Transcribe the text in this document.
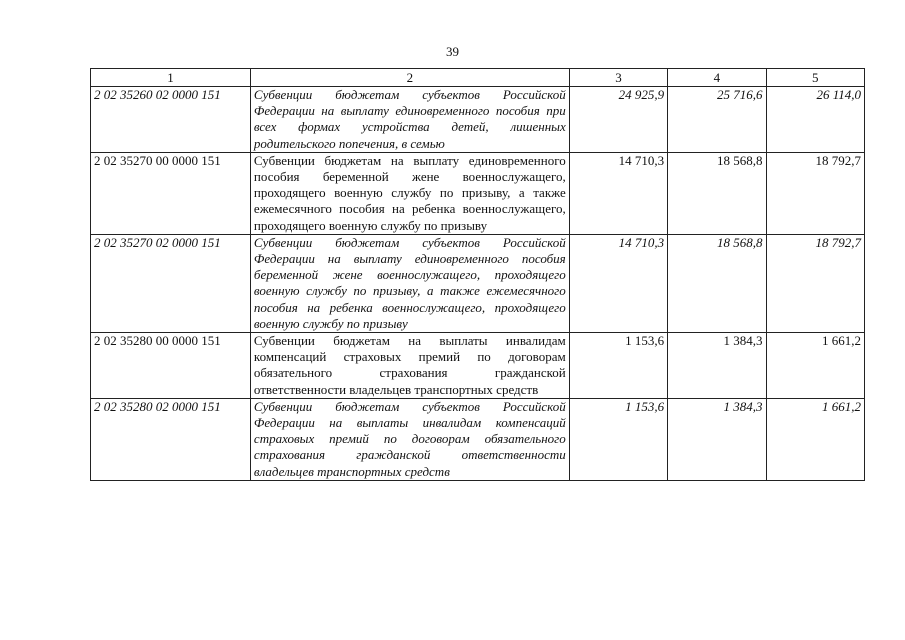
39
1	2	3	4	5
2 02 35260 02 0000 151	Субвенции бюджетам субъектов Российской Федерации на выплату единовременного пособия при всех формах устройства детей, лишенных родительского попечения, в семью	24 925,9	25 716,6	26 114,0
2 02 35270 00 0000 151	Субвенции бюджетам на выплату единовременного пособия беременной жене военнослужащего, проходящего военную службу по призыву, а также ежемесячного пособия на ребенка военнослужащего, проходящего военную службу по призыву	14 710,3	18 568,8	18 792,7
2 02 35270 02 0000 151	Субвенции бюджетам субъектов Российской Федерации на выплату единовременного пособия беременной жене военнослужащего, проходящего военную службу по призыву, а также ежемесячного пособия на ребенка военнослужащего, проходящего военную службу по призыву	14 710,3	18 568,8	18 792,7
2 02 35280 00 0000 151	Субвенции бюджетам на выплаты инвалидам компенсаций страховых премий по договорам обязательного страхования гражданской ответственности владельцев транспортных средств	1 153,6	1 384,3	1 661,2
2 02 35280 02 0000 151	Субвенции бюджетам субъектов Российской Федерации на выплаты инвалидам компенсаций страховых премий по договорам обязательного страхования гражданской ответственности владельцев транспортных средств	1 153,6	1 384,3	1 661,2
